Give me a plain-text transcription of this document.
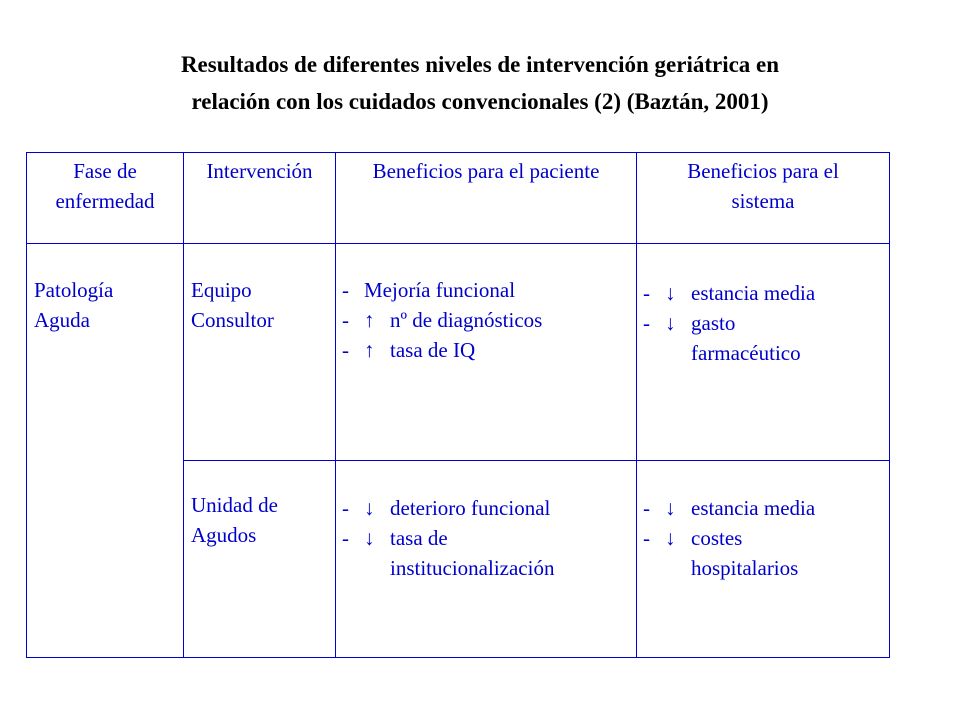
Resultados de diferentes niveles de intervención geriátrica en
relación con los cuidados convencionales (2) (Baztán, 2001)
Fase de
enfermedad
Intervención	Beneficios para el paciente	Beneficios para el
sistema
Patología
Aguda
Equipo
Consultor
- Mejoría funcional
- ↑ nº de diagnósticos
- ↑ tasa de IQ
- ↓ estancia media
- ↓ gasto
farmacéutico
Unidad de
Agudos
- ↓ deterioro funcional
- ↓ tasa de
institucionalización
- ↓ estancia media
- ↓ costes
hospitalarios
